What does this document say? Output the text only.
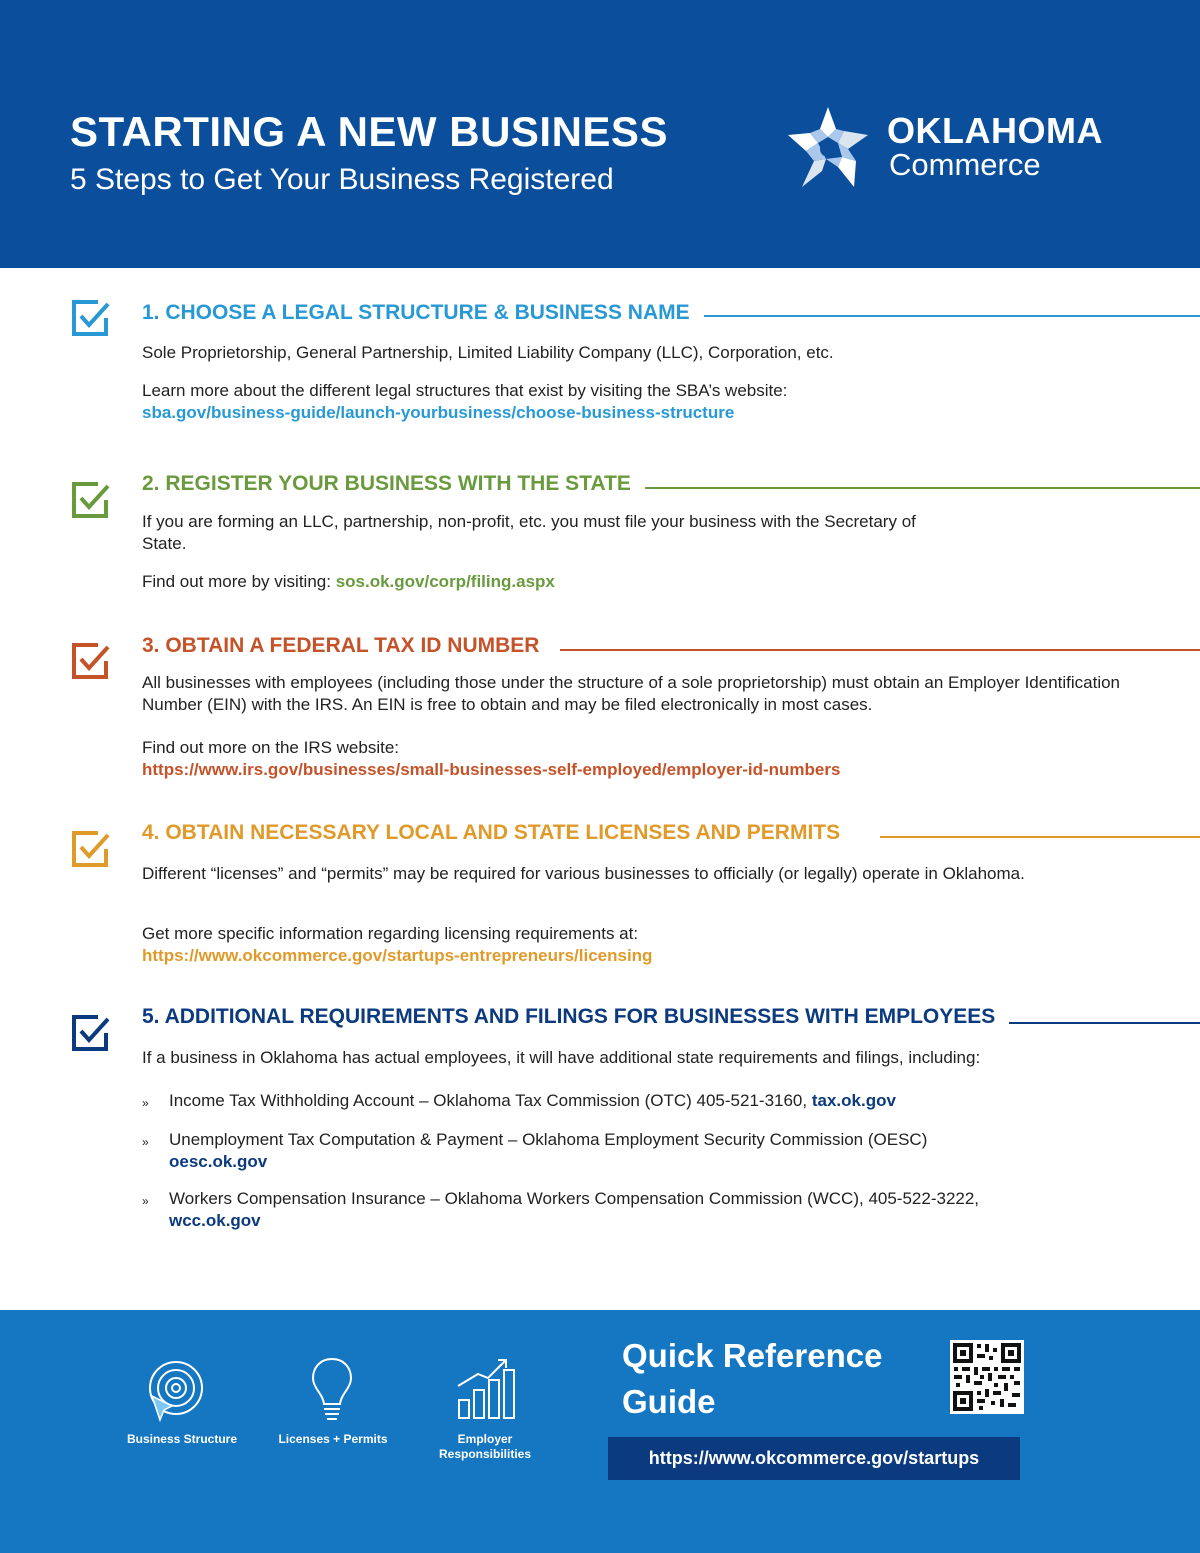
STARTING A NEW BUSINESS
5 Steps to Get Your Business Registered
OKLAHOMA
Commerce
1. CHOOSE A LEGAL STRUCTURE & BUSINESS NAME
Sole Proprietorship, General Partnership, Limited Liability Company (LLC), Corporation, etc.
Learn more about the different legal structures that exist by visiting the SBA’s website:
sba.gov/business-guide/launch-yourbusiness/choose-business-structure
2. REGISTER YOUR BUSINESS WITH THE STATE
If you are forming an LLC, partnership, non-profit, etc. you must file your business with the Secretary of State.
Find out more by visiting: sos.ok.gov/corp/filing.aspx
3. OBTAIN A FEDERAL TAX ID NUMBER
All businesses with employees (including those under the structure of a sole proprietorship) must obtain an Employer Identification Number (EIN) with the IRS. An EIN is free to obtain and may be filed electronically in most cases.
Find out more on the IRS website:
https://www.irs.gov/businesses/small-businesses-self-employed/employer-id-numbers
4. OBTAIN NECESSARY LOCAL AND STATE LICENSES AND PERMITS
Different “licenses” and “permits” may be required for various businesses to officially (or legally) operate in Oklahoma.
Get more specific information regarding licensing requirements at:
https://www.okcommerce.gov/startups-entrepreneurs/licensing
5. ADDITIONAL REQUIREMENTS AND FILINGS FOR BUSINESSES WITH EMPLOYEES
If a business in Oklahoma has actual employees, it will have additional state requirements and filings, including:
» Income Tax Withholding Account – Oklahoma Tax Commission (OTC) 405-521-3160, tax.ok.gov
» Unemployment Tax Computation & Payment – Oklahoma Employment Security Commission (OESC)
oesc.ok.gov
» Workers Compensation Insurance – Oklahoma Workers Compensation Commission (WCC), 405-522-3222,
wcc.ok.gov
Business Structure	Licenses + Permits	Employer Responsibilities
Quick Reference Guide
https://www.okcommerce.gov/startups
